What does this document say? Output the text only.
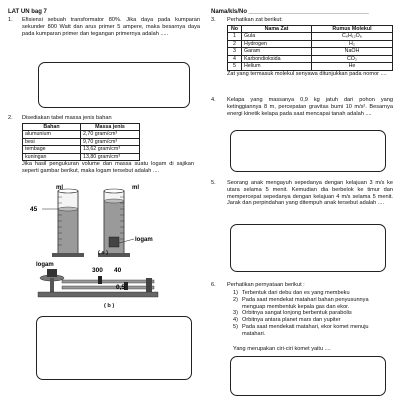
LAT UN bag 7	Nama/kls/No ____________________________________
1. Efisiensi sebuah transformator 80%. Jika daya pada kumparan sekunder 800 Watt dan arus primer 5 ampere, maka besarnya daya pada kumparan primer dan tegangan primernya adalah .....
2. Disediakan tabel massa jenis bahan
Bahan	Massa jenis
alumunium	2,70 gram/cm³
besi	9,70 gram/cm³
tembage	13,62 gram/cm³
kuningan	13,80 gram/cm³
Jika hasil pengukuran volume dan massa suatu logam di sajikan seperti gambar berikut, maka logam tersebut adalah ....
ml
45
ml
logam
( a )
logam
300 40
0,5
( b )
3. Perhatikan zat berikut:
No	Nama Zat	Rumus Molekul
1	Gula	C₆H₁₂O₆
2	Hydrogen	H₂
3	Garam	NaOH
4	Karbondioksida	CO₂
5	Helium	He
Zat yang termasuk molekul senyawa ditunjukkan pada nomor ....
4. Kelapa yang massanya 0,9 kg jatuh dari pohon yang ketinggiannya 8 m, percepatan gravitas bumi 10 m/s². Besarnya energi kinetik kelapa pada saat mencapai tanah adalah ....
5. Seorang anak mengayuh sepedanya dengan kelajuan 3 m/s ke utara selama 5 menit. Kemudian dia berbelok ke timur dan mempercepat sepedanya dengan kelajuan 4 m/s selama 5 menit. Jarak dan perpindahan yang ditempuh anak tersebut adalah ....
6. Perhatikan pernyataan berikut :
1) Terbentuk dari debu dan es yang membeku
2) Pada saat mendekat matahari bahan penyusunnya menguap membentuk kepala gas dan ekor.
3) Orbitnya sangat lonjong berbentuk parabolis
4) Orbitnya antara planet mars dan yupiter
5) Pada saat mendekati matahari, ekor komet menuju matahari.
Yang merupakan ciri-ciri komet yaitu ....
